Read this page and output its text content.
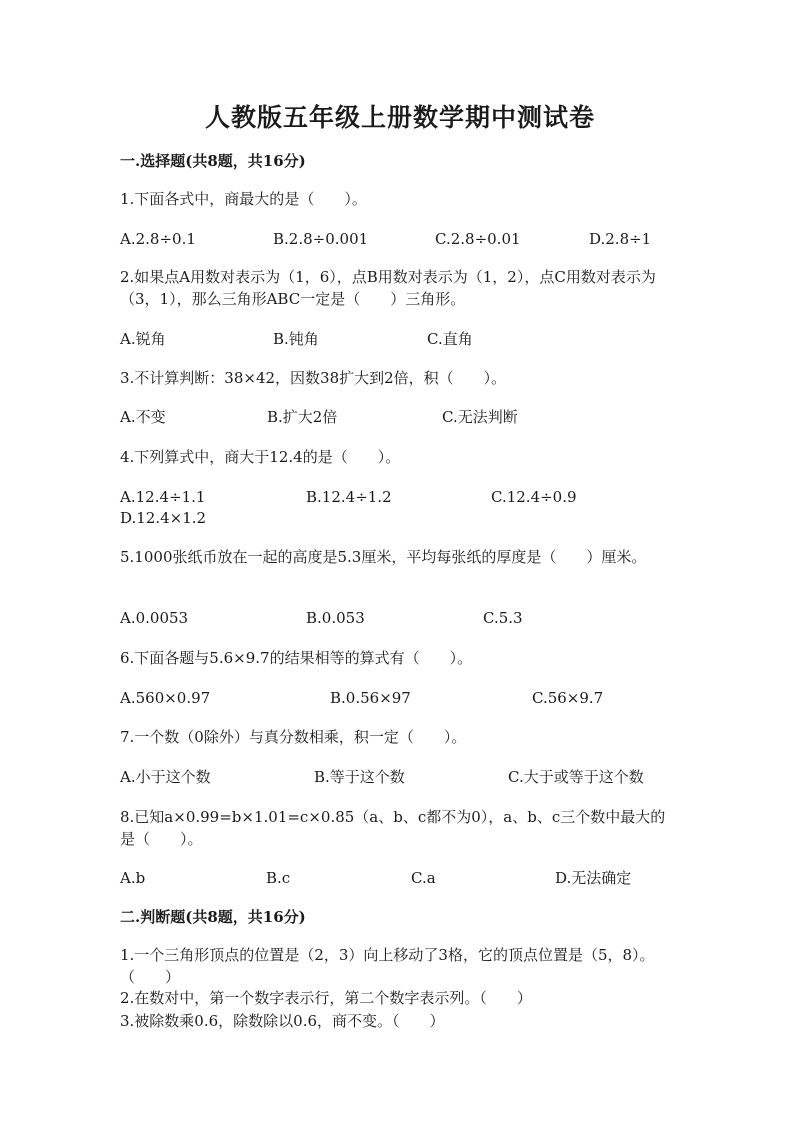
人教版五年级上册数学期中测试卷
一.选择题(共8题，共16分)
1.下面各式中，商最大的是（　　）。
A.2.8÷0.1	B.2.8÷0.001	C.2.8÷0.01	D.2.8÷1
2.如果点A用数对表示为（1，6），点B用数对表示为（1，2），点C用数对表示为（3，1），那么三角形ABC一定是（　　）三角形。
A.锐角	B.钝角	C.直角
3.不计算判断：38×42，因数38扩大到2倍，积（　　）。
A.不变	B.扩大2倍	C.无法判断
4.下列算式中，商大于12.4的是（　　）。
A.12.4÷1.1	B.12.4÷1.2	C.12.4÷0.9
D.12.4×1.2
5.1000张纸币放在一起的高度是5.3厘米，平均每张纸的厚度是（　　）厘米。
A.0.0053	B.0.053	C.5.3
6.下面各题与5.6×9.7的结果相等的算式有（　　）。
A.560×0.97	B.0.56×97	C.56×9.7
7.一个数（0除外）与真分数相乘，积一定（　　）。
A.小于这个数	B.等于这个数	C.大于或等于这个数
8.已知a×0.99=b×1.01=c×0.85（a、b、c都不为0），a、b、c三个数中最大的是（　　）。
A.b	B.c	C.a	D.无法确定
二.判断题(共8题，共16分)
1.一个三角形顶点的位置是（2，3）向上移动了3格，它的顶点位置是（5，8）。（　　）
2.在数对中，第一个数字表示行，第二个数字表示列。（　　）
3.被除数乘0.6，除数除以0.6，商不变。（　　）
